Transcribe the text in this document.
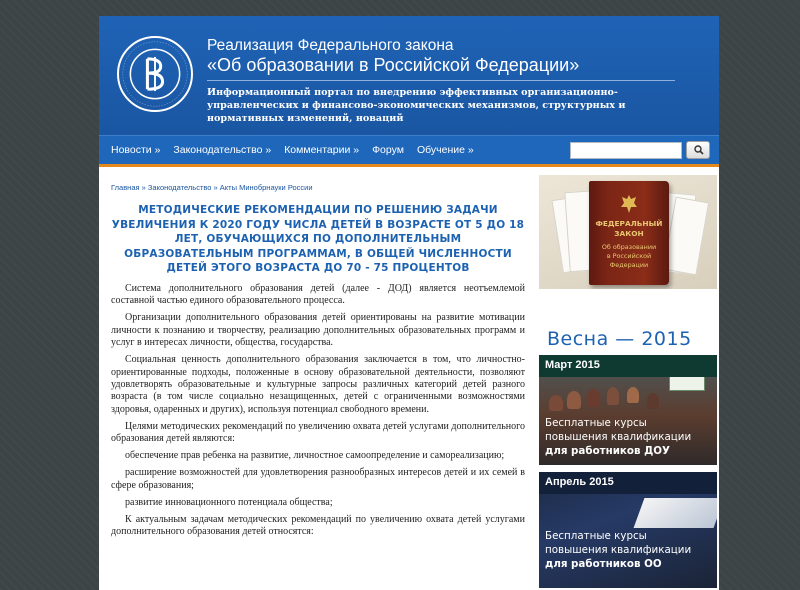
Реализация Федерального закона
«Об образовании в Российской Федерации»
Информационный портал по внедрению эффективных организационно-управленческих и финансово-экономических механизмов, структурных и нормативных изменений, новаций
Новости » Законодательство » Комментарии » Форум Обучение »
Главная » Законодательство » Акты Минобрнауки России
МЕТОДИЧЕСКИЕ РЕКОМЕНДАЦИИ ПО РЕШЕНИЮ ЗАДАЧИ УВЕЛИЧЕНИЯ К 2020 ГОДУ ЧИСЛА ДЕТЕЙ В ВОЗРАСТЕ ОТ 5 ДО 18 ЛЕТ, ОБУЧАЮЩИХСЯ ПО ДОПОЛНИТЕЛЬНЫМ ОБРАЗОВАТЕЛЬНЫМ ПРОГРАММАМ, В ОБЩЕЙ ЧИСЛЕННОСТИ ДЕТЕЙ ЭТОГО ВОЗРАСТА ДО 70 - 75 ПРОЦЕНТОВ

Система дополнительного образования детей (далее - ДОД) является неотъемлемой составной частью единого образовательного процесса.

Организации дополнительного образования детей ориентированы на развитие мотивации личности к познанию и творчеству, реализацию дополнительных образовательных программ и услуг в интересах личности, общества, государства.

Социальная ценность дополнительного образования заключается в том, что личностно-ориентированные подходы, положенные в основу образовательной деятельности, позволяют удовлетворять образовательные и культурные запросы различных категорий детей разного возраста (в том числе социально незащищенных, детей с ограниченными возможностями здоровья, одаренных и других), используя потенциал свободного времени.

Целями методических рекомендаций по увеличению охвата детей услугами дополнительного образования детей являются:

обеспечение прав ребенка на развитие, личностное самоопределение и самореализацию;

расширение возможностей для удовлетворения разнообразных интересов детей и их семей в сфере образования;

развитие инновационного потенциала общества;

К актуальным задачам методических рекомендаций по увеличению охвата детей услугами дополнительного образования детей относятся:

ФЕДЕРАЛЬНЫЙ
ЗАКОН
Об образовании
в Российской
Федерации
Весна — 2015
Март 2015
Бесплатные курсы
повышения квалификации
для работников ДОУ
Апрель 2015
Бесплатные курсы
повышения квалификации
для работников ОО
